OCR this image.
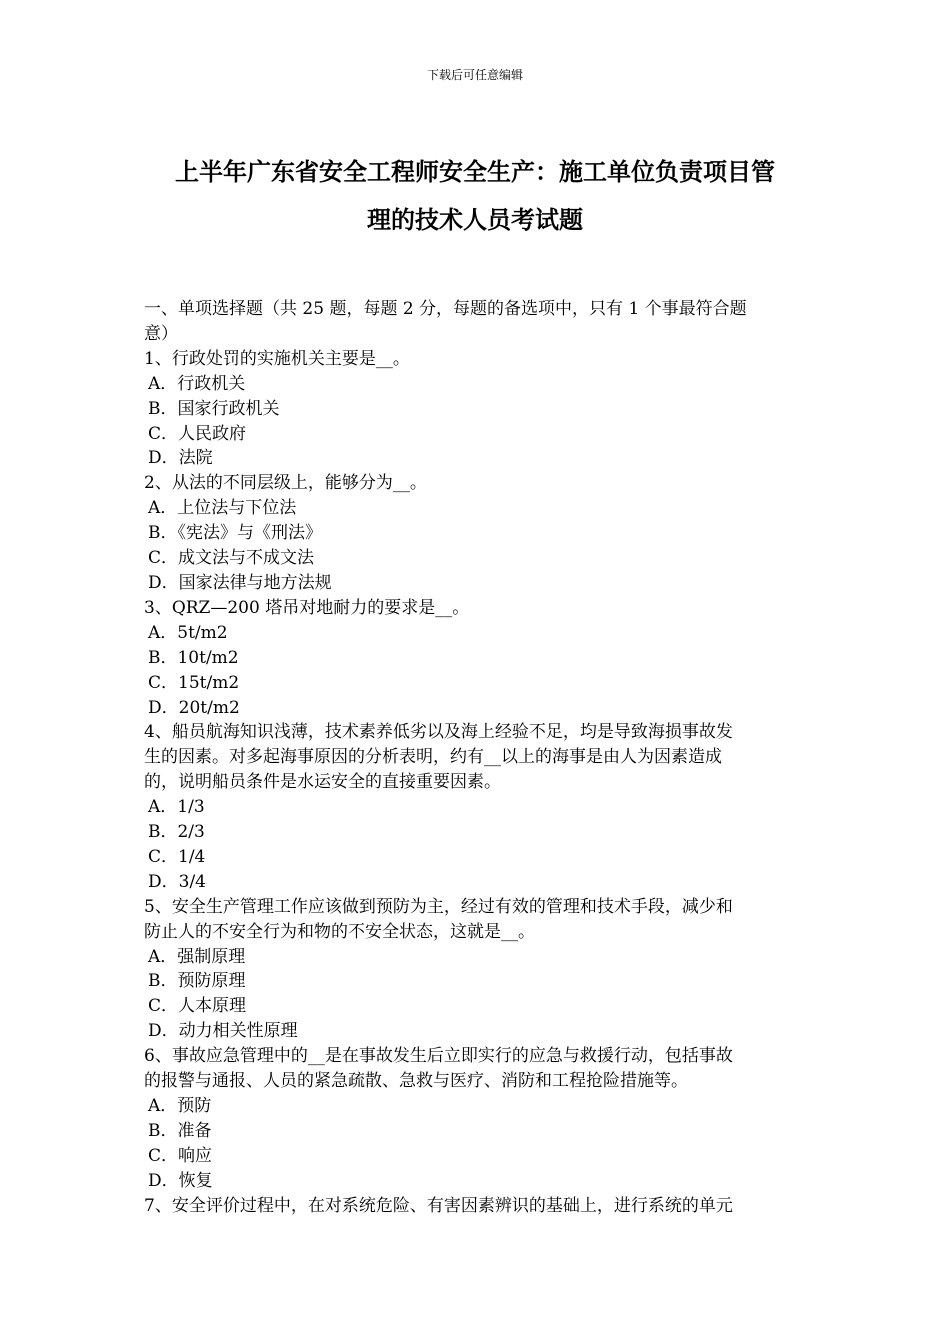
下载后可任意编辑
上半年广东省安全工程师安全生产：施工单位负责项目管
理的技术人员考试题
一、单项选择题（共 25 题，每题 2 分，每题的备选项中，只有 1 个事最符合题
意）
1、行政处罚的实施机关主要是__。
A．行政机关
B．国家行政机关
C．人民政府
D．法院
2、从法的不同层级上，能够分为__。
A．上位法与下位法
B．《宪法》与《刑法》
C．成文法与不成文法
D．国家法律与地方法规
3、QRZ—200 塔吊对地耐力的要求是__。
A．5t/m2
B．10t/m2
C．15t/m2
D．20t/m2
4、船员航海知识浅薄，技术素养低劣以及海上经验不足，均是导致海损事故发
生的因素。对多起海事原因的分析表明，约有__以上的海事是由人为因素造成
的，说明船员条件是水运安全的直接重要因素。
A．1/3
B．2/3
C．1/4
D．3/4
5、安全生产管理工作应该做到预防为主，经过有效的管理和技术手段，减少和
防止人的不安全行为和物的不安全状态，这就是__。
A．强制原理
B．预防原理
C．人本原理
D．动力相关性原理
6、事故应急管理中的__是在事故发生后立即实行的应急与救援行动，包括事故
的报警与通报、人员的紧急疏散、急救与医疗、消防和工程抢险措施等。
A．预防
B．准备
C．响应
D．恢复
7、安全评价过程中，在对系统危险、有害因素辨识的基础上，进行系统的单元
